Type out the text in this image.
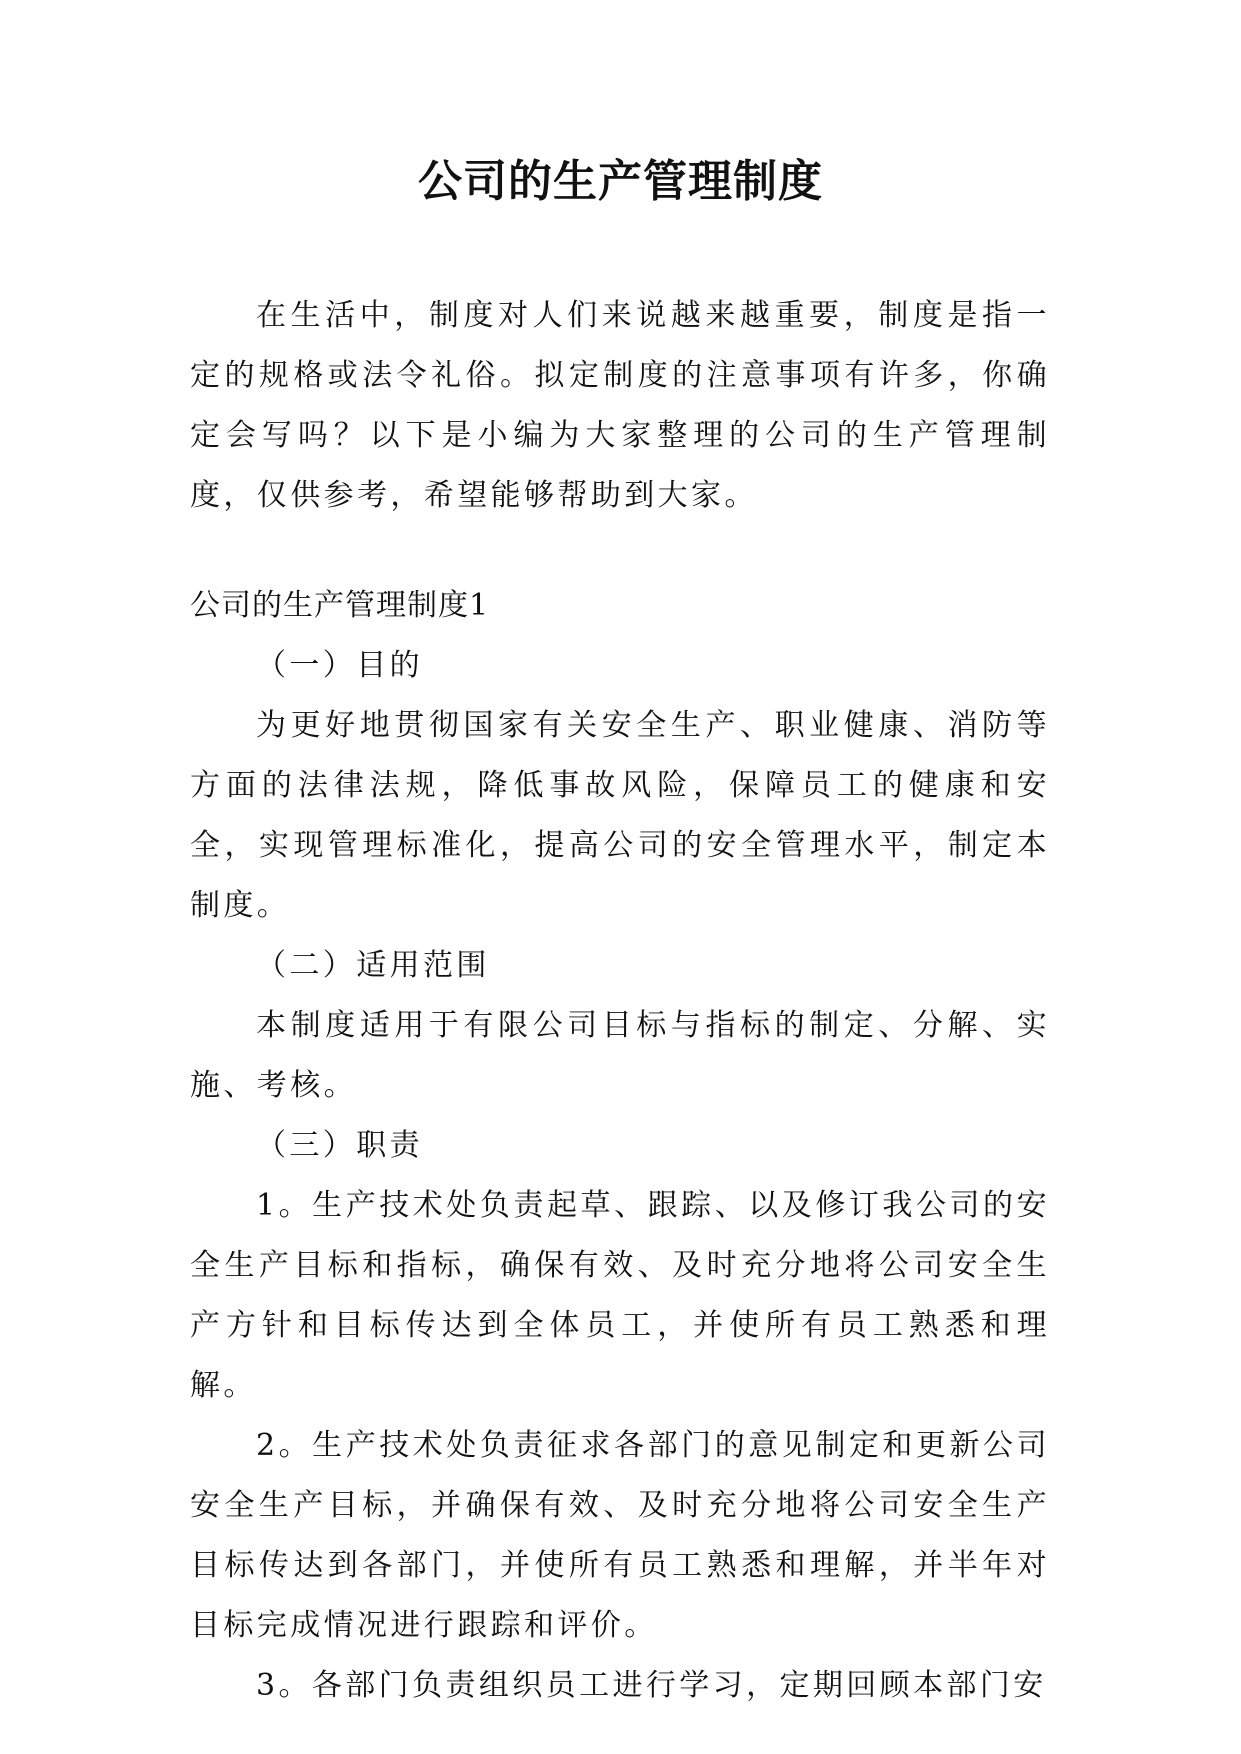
公司的生产管理制度

在生活中，制度对人们来说越来越重要，制度是指一定的规格或法令礼俗。拟定制度的注意事项有许多，你确定会写吗？以下是小编为大家整理的公司的生产管理制度，仅供参考，希望能够帮助到大家。

公司的生产管理制度1

（一）目的

为更好地贯彻国家有关安全生产、职业健康、消防等方面的法律法规，降低事故风险，保障员工的健康和安全，实现管理标准化，提高公司的安全管理水平，制定本制度。

（二）适用范围

本制度适用于有限公司目标与指标的制定、分解、实施、考核。

（三）职责

1。生产技术处负责起草、跟踪、以及修订我公司的安全生产目标和指标，确保有效、及时充分地将公司安全生产方针和目标传达到全体员工，并使所有员工熟悉和理解。

2。生产技术处负责征求各部门的意见制定和更新公司安全生产目标，并确保有效、及时充分地将公司安全生产目标传达到各部门，并使所有员工熟悉和理解，并半年对目标完成情况进行跟踪和评价。

3。各部门负责组织员工进行学习，定期回顾本部门安
